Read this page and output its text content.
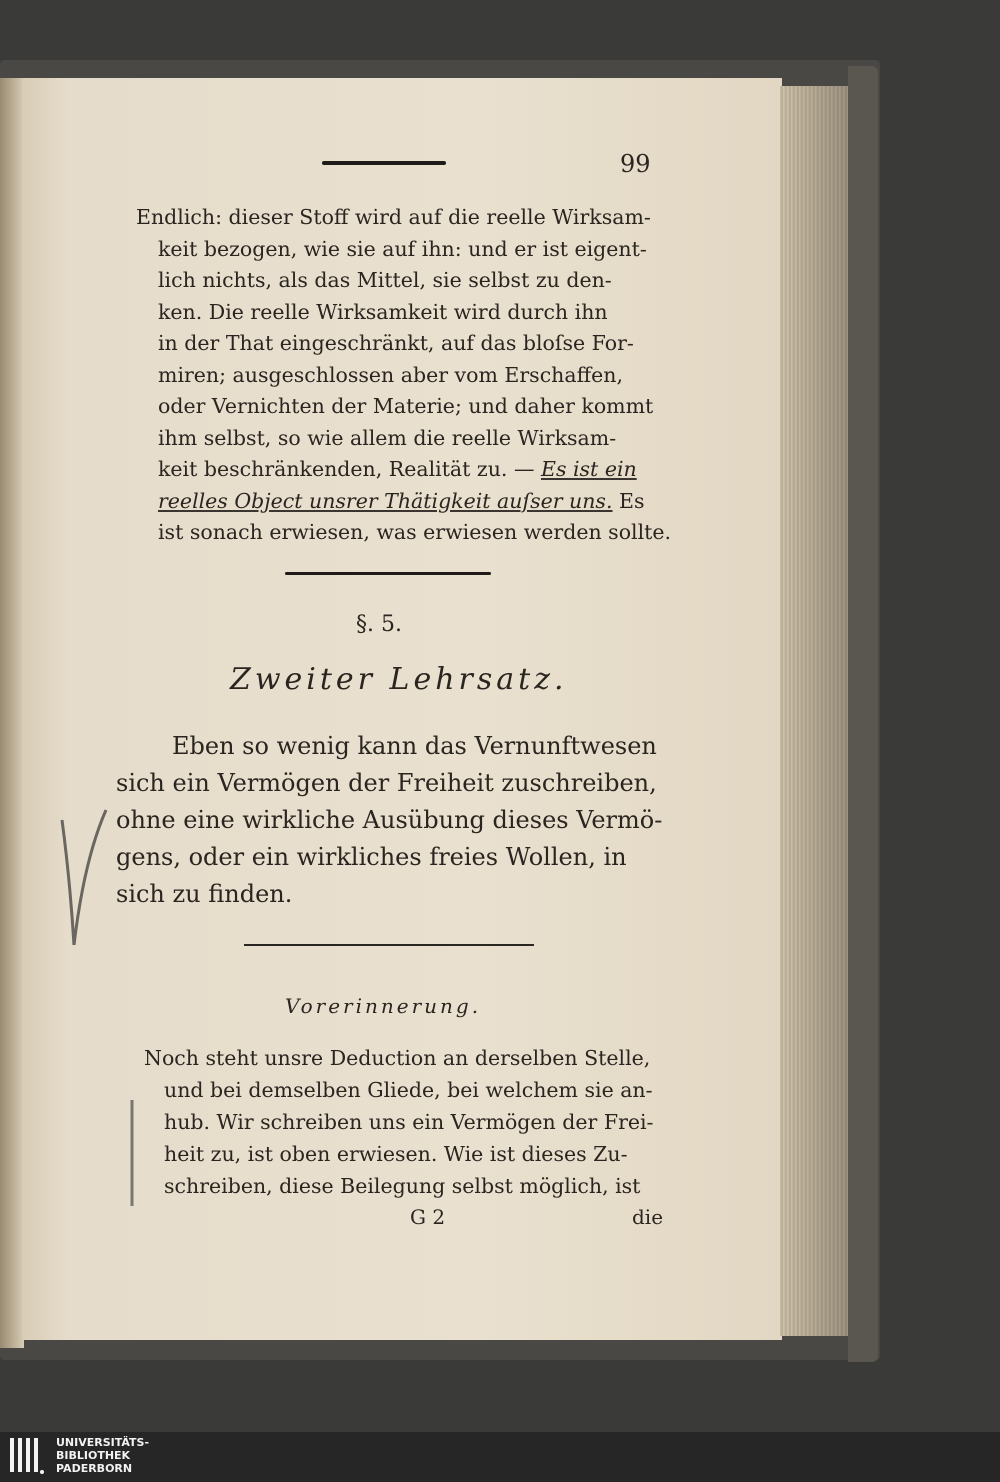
99
Endlich: dieser Stoff wird auf die reelle Wirksam-
keit bezogen, wie sie auf ihn: und er ist eigent-
lich nichts, als das Mittel, sie selbst zu den-
ken. Die reelle Wirksamkeit wird durch ihn
in der That eingeschränkt, auf das bloſse For-
miren; ausgeschlossen aber vom Erschaffen,
oder Vernichten der Materie; und daher kommt
ihm selbst, so wie allem die reelle Wirksam-
keit beschränkenden, Realität zu. — Es ist ein
reelles Object unsrer Thätigkeit auſser uns. Es
ist sonach erwiesen, was erwiesen werden sollte.
§. 5.
Zweiter Lehrsatz.
Eben so wenig kann das Vernunftwesen
sich ein Vermögen der Freiheit zuschreiben,
ohne eine wirkliche Ausübung dieses Vermö-
gens, oder ein wirkliches freies Wollen, in
sich zu finden.
Vorerinnerung.
Noch steht unsre Deduction an derselben Stelle,
und bei demselben Gliede, bei welchem sie an-
hub. Wir schreiben uns ein Vermögen der Frei-
heit zu, ist oben erwiesen. Wie ist dieses Zu-
schreiben, diese Beilegung selbst möglich, ist
G 2	die
UNIVERSITÄTS-
BIBLIOTHEK
PADERBORN
